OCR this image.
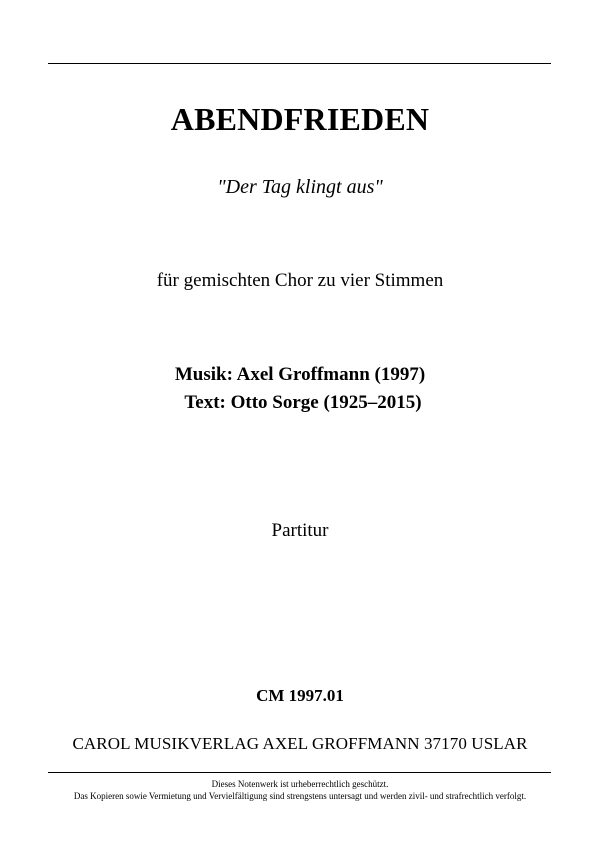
ABENDFRIEDEN
"Der Tag klingt aus"
für gemischten Chor zu vier Stimmen
Musik: Axel Groffmann (1997)
Text: Otto Sorge (1925–2015)
Partitur
CM 1997.01
CAROL MUSIKVERLAG AXEL GROFFMANN 37170 USLAR
Dieses Notenwerk ist urheberrechtlich geschützt.
Das Kopieren sowie Vermietung und Vervielfältigung sind strengstens untersagt und werden zivil- und strafrechtlich verfolgt.
